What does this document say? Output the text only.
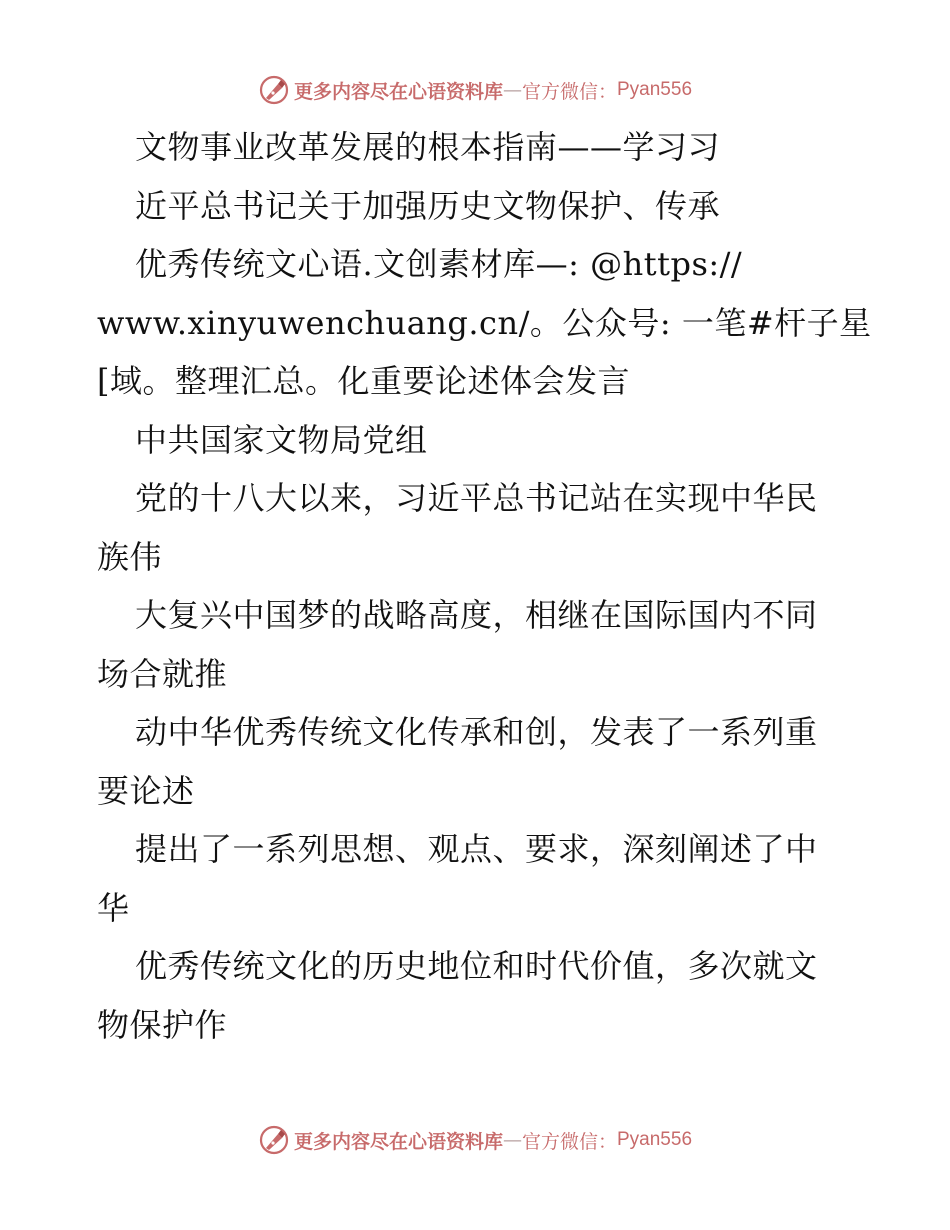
更多内容尽在心语资料库 — 官方微信： Pyan556
文物事业改革发展的根本指南——学习习
近平总书记关于加强历史文物保护、传承
优秀传统文心语.文创素材库—: @https://
www.xinyuwenchuang.cn/。公众号: 一笔#杆子星
[域。整理汇总。化重要论述体会发言
中共国家文物局党组
党的十八大以来，习近平总书记站在实现中华民
族伟
大复兴中国梦的战略高度，相继在国际国内不同
场合就推
动中华优秀传统文化传承和创，发表了一系列重
要论述
提出了一系列思想、观点、要求，深刻阐述了中
华
优秀传统文化的历史地位和时代价值，多次就文
物保护作
更多内容尽在心语资料库 — 官方微信： Pyan556
